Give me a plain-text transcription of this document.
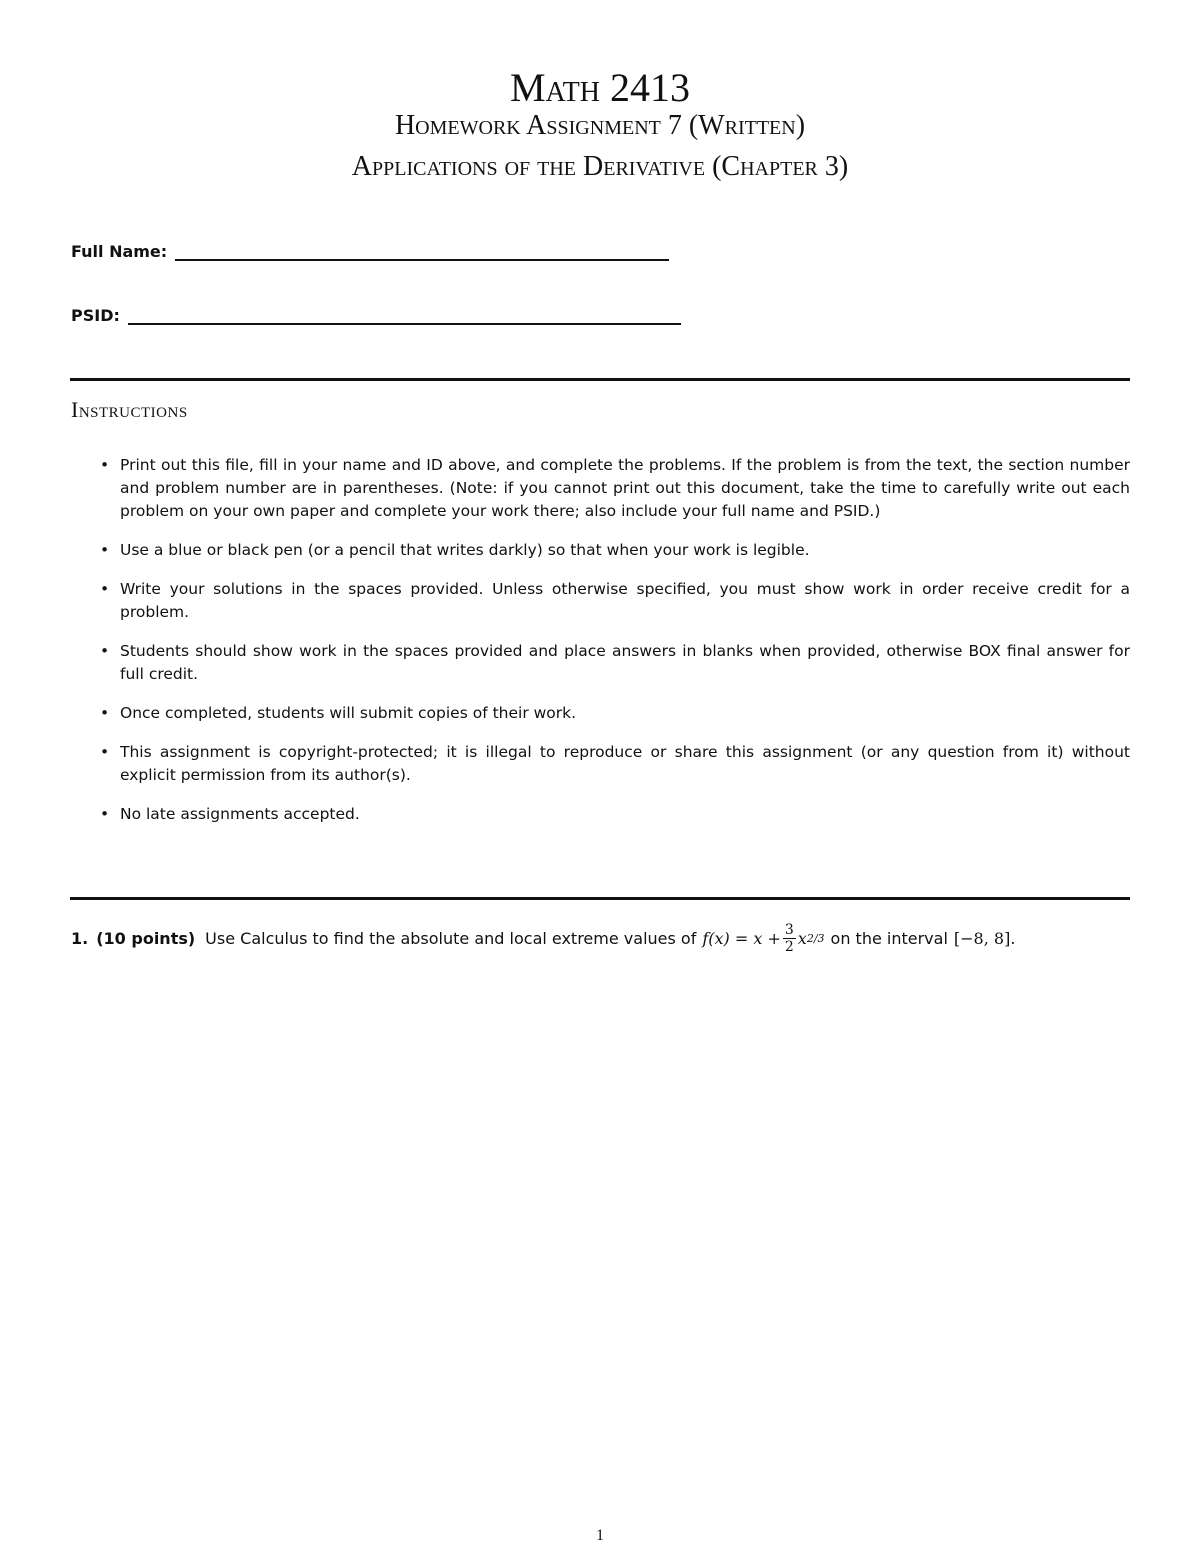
Math 2413
Homework Assignment 7 (Written)
Applications of the Derivative (Chapter 3)
Full Name:
PSID:
Instructions
• Print out this file, fill in your name and ID above, and complete the problems. If the problem is from the text, the section number and problem number are in parentheses. (Note: if you cannot print out this document, take the time to carefully write out each problem on your own paper and complete your work there; also include your full name and PSID.)
• Use a blue or black pen (or a pencil that writes darkly) so that when your work is legible.
• Write your solutions in the spaces provided. Unless otherwise specified, you must show work in order receive credit for a problem.
• Students should show work in the spaces provided and place answers in blanks when provided, otherwise BOX final answer for full credit.
• Once completed, students will submit copies of their work.
• This assignment is copyright-protected; it is illegal to reproduce or share this assignment (or any question from it) without explicit permission from its author(s).
• No late assignments accepted.
1. (10 points) Use Calculus to find the absolute and local extreme values of $f(x) = x + \frac{3}{2}$ x 2/3 on the interval [−8, 8].
1
